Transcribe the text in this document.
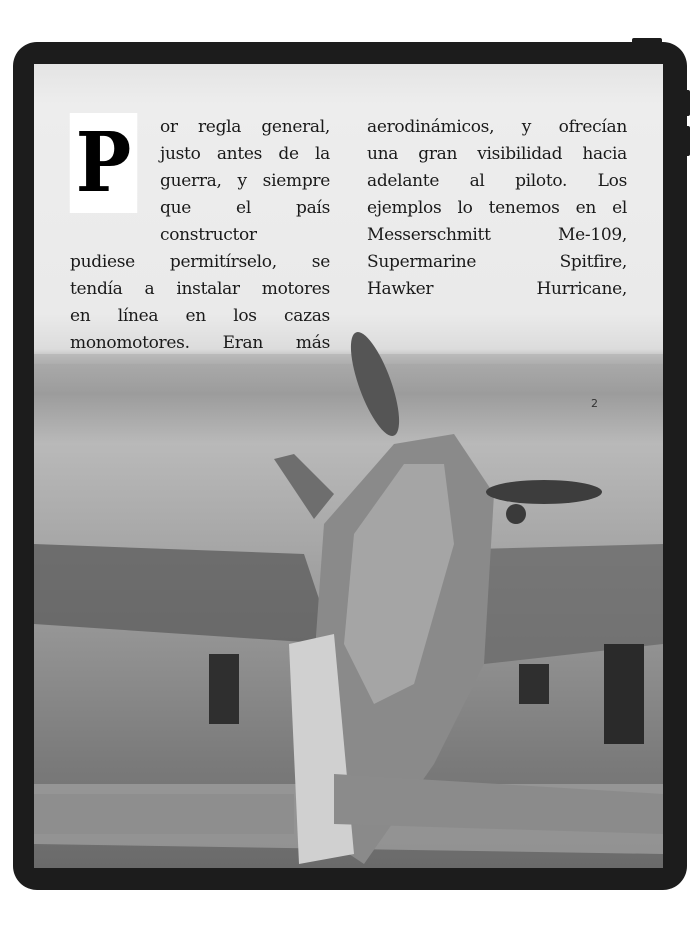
P	or regla general,
justo antes de la
guerra, y siempre
que el país
constructor
pudiese permitírselo, se
tendía a instalar motores
en línea en los cazas
monomotores. Eran más
aerodinámicos, y ofrecían
una gran visibilidad hacia
adelante al piloto. Los
ejemplos lo tenemos en el
Messerschmitt Me-109,
Supermarine Spitfire,
Hawker Hurricane,
2
